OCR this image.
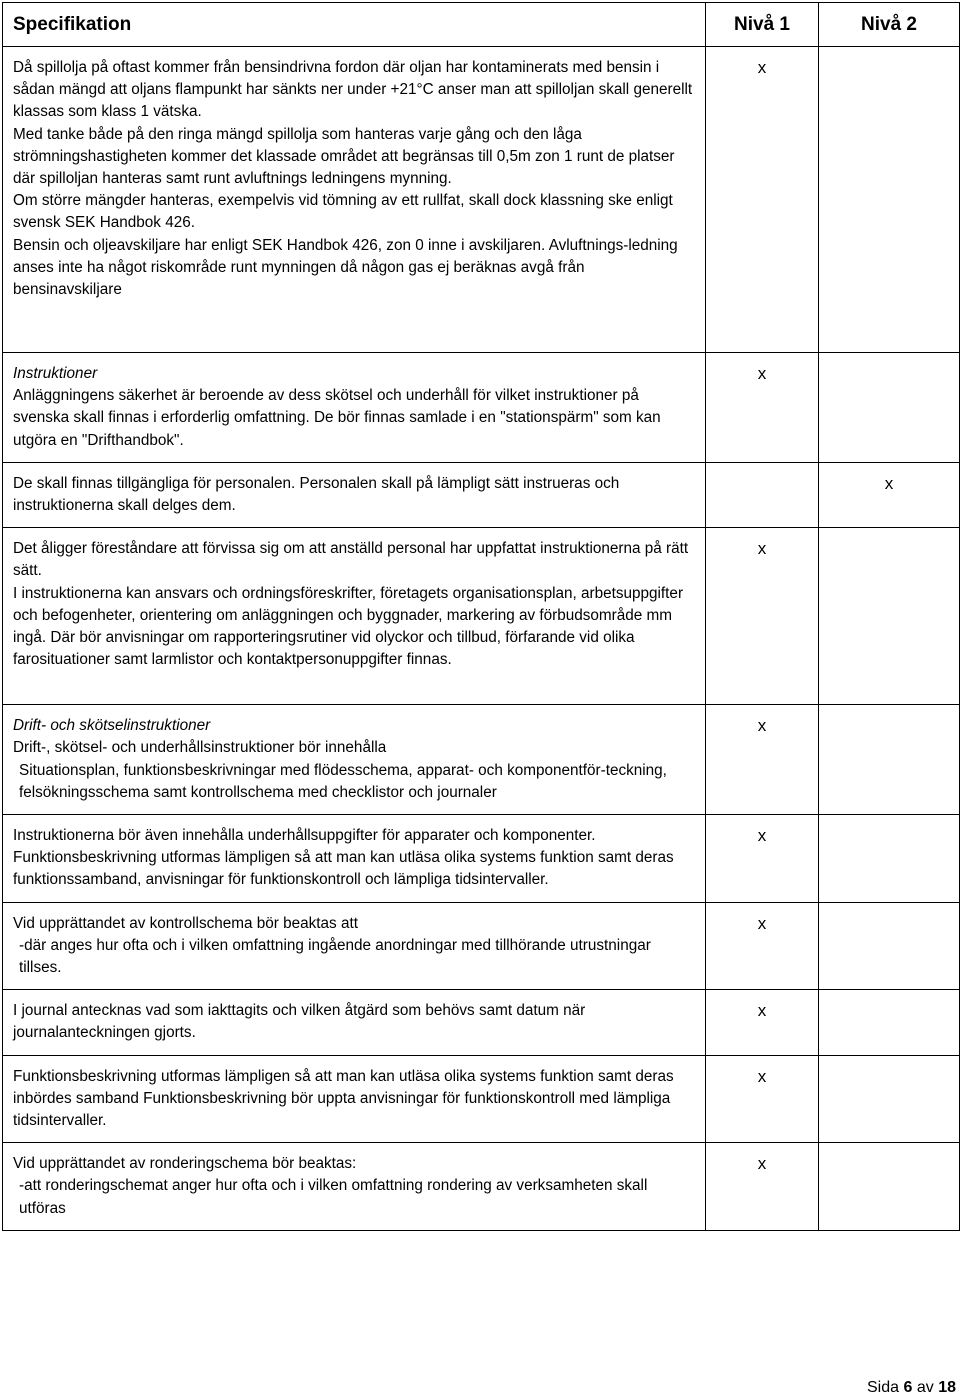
Specifikation	Nivå 1	Nivå 2

Då spillolja på oftast kommer från bensindrivna fordon där oljan har kontaminerats med bensin i sådan mängd att oljans flampunkt har sänkts ner under +21°C anser man att spilloljan skall generellt klassas som klass 1 vätska.
Med tanke både på den ringa mängd spillolja som hanteras varje gång och den låga strömningshastigheten kommer det klassade området att begränsas till 0,5m zon 1 runt de platser där spilloljan hanteras samt runt avluftnings ledningens mynning.
Om större mängder hanteras, exempelvis vid tömning av ett rullfat, skall dock klassning ske enligt svensk SEK Handbok 426.
Bensin och oljeavskiljare har enligt SEK Handbok 426, zon 0 inne i avskiljaren. Avluftnings-ledning anses inte ha något riskområde runt mynningen då någon gas ej beräknas avgå från bensinavskiljare	x	

Instruktioner
Anläggningens säkerhet är beroende av dess skötsel och underhåll för vilket instruktioner på svenska skall finnas i erforderlig omfattning. De bör finnas samlade i en "stationspärm" som kan utgöra en "Drifthandbok".	x	

De skall finnas tillgängliga för personalen. Personalen skall på lämpligt sätt instrueras och instruktionerna skall delges dem.		x

Det åligger föreståndare att förvissa sig om att anställd personal har uppfattat instruktionerna på rätt sätt.
I instruktionerna kan ansvars och ordningsföreskrifter, företagets organisationsplan, arbetsuppgifter och befogenheter, orientering om anläggningen och byggnader, markering av förbudsområde mm ingå. Där bör anvisningar om rapporteringsrutiner vid olyckor och tillbud, förfarande vid olika farosituationer samt larmlistor och kontaktpersonuppgifter finnas.	x	

Drift- och skötselinstruktioner
Drift-, skötsel- och underhållsinstruktioner bör innehålla
Situationsplan, funktionsbeskrivningar med flödesschema, apparat- och komponentför-teckning, felsökningsschema samt kontrollschema med checklistor och journaler	x	

Instruktionerna bör även innehålla underhållsuppgifter för apparater och komponenter. Funktionsbeskrivning utformas lämpligen så att man kan utläsa olika systems funktion samt deras funktionssamband, anvisningar för funktionskontroll och lämpliga tidsintervaller.	x	

Vid upprättandet av kontrollschema bör beaktas att
-där anges hur ofta och i vilken omfattning ingående anordningar med tillhörande utrustningar tillses.	x	

I journal antecknas vad som iakttagits och vilken åtgärd som behövs samt datum när journalanteckningen gjorts.	x	

Funktionsbeskrivning utformas lämpligen så att man kan utläsa olika systems funktion samt deras inbördes samband Funktionsbeskrivning bör uppta anvisningar för funktionskontroll med lämpliga tidsintervaller.	x	

Vid upprättandet av ronderingschema bör beaktas:
-att ronderingschemat anger hur ofta och i vilken omfattning rondering av verksamheten skall utföras	x	
Sida 6 av 18
